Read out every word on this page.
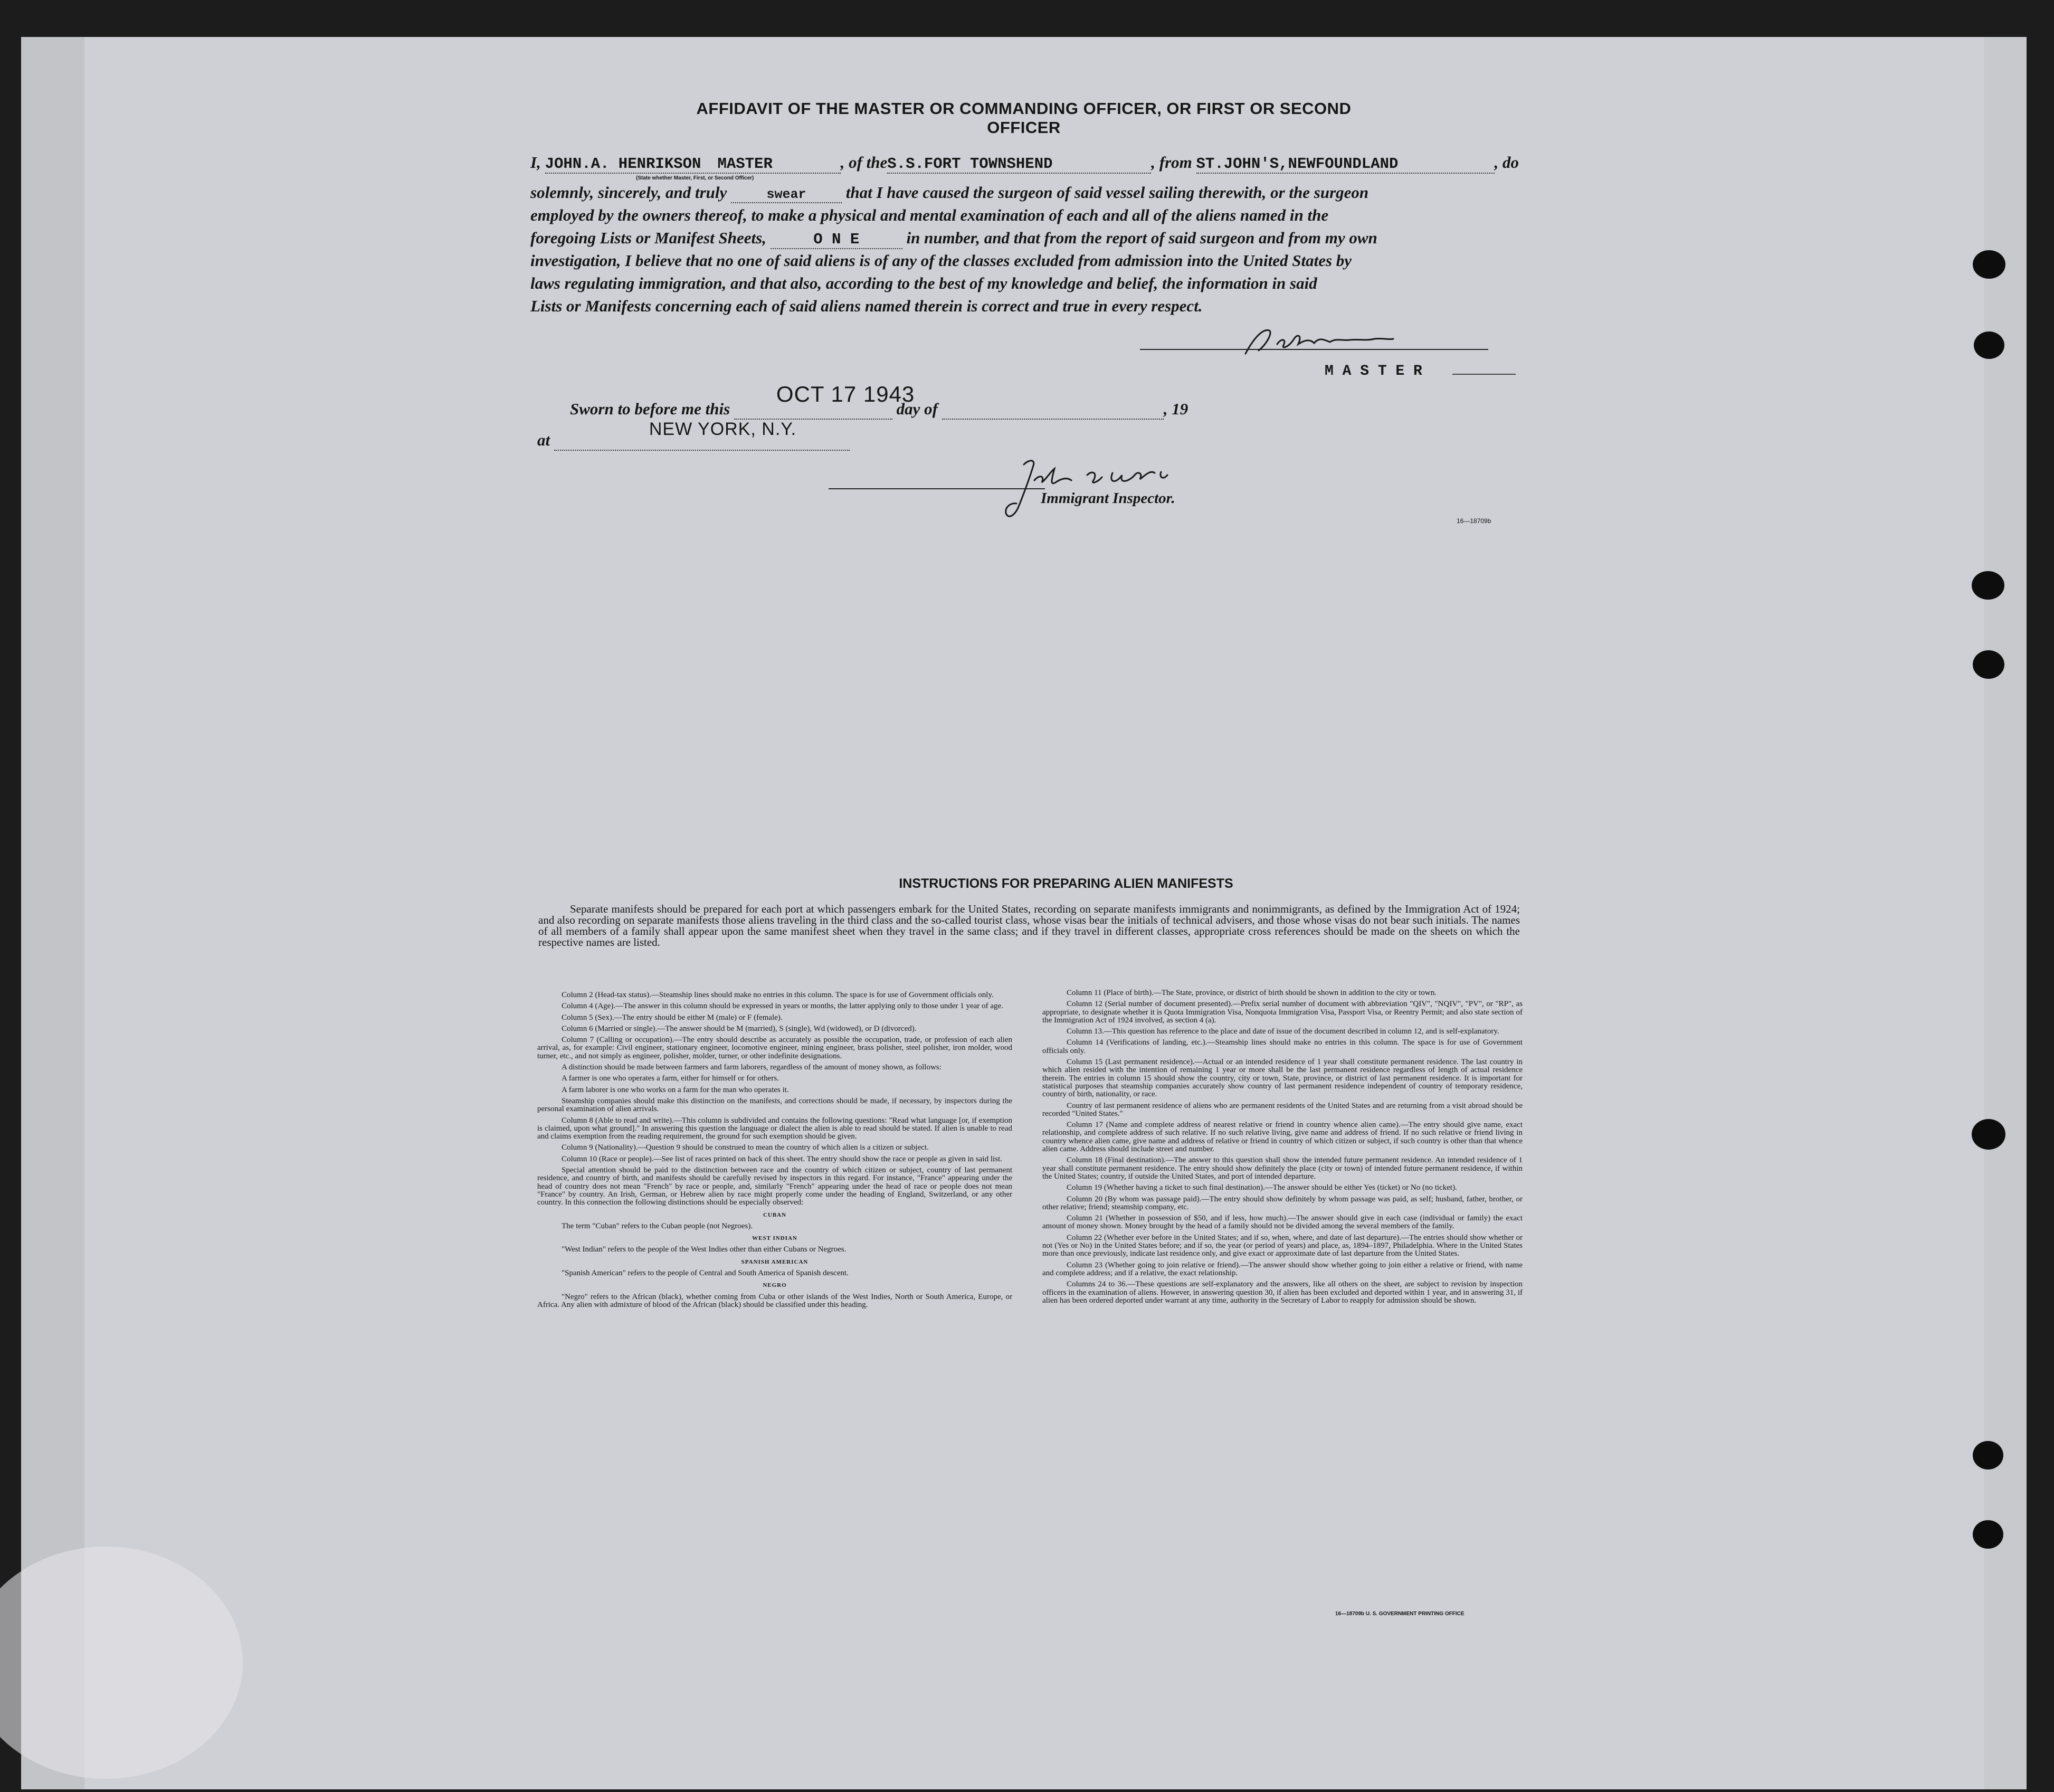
AFFIDAVIT OF THE MASTER OR COMMANDING OFFICER, OR FIRST OR SECOND OFFICER
I, JOHN.A. HENRIKSON MASTER	, of theS.S.FORT TOWNSHEND	, from ST.JOHN'S,NEWFOUNDLAND	, do
(State whether Master, First, or Second Officer)
solemnly, sincerely, and truly	swear that I have caused the surgeon of said vessel sailing therewith, or the surgeon
employed by the owners thereof, to make a physical and mental examination of each and all of the aliens named in the
foregoing Lists or Manifest Sheets,	O N E	in number, and that from the report of said surgeon and from my own
investigation, I believe that no one of said aliens is of any of the classes excluded from admission into the United States by
laws regulating immigration, and that also, according to the best of my knowledge and belief, the information in said
Lists or Manifests concerning each of said aliens named therein is correct and true in every respect.
M A S T E R
Sworn to before me this
OCT 17 1943
day of	, 19
at
NEW YORK, N.Y.

Immigrant Inspector.
16—18709b
INSTRUCTIONS FOR PREPARING ALIEN MANIFESTS
Separate manifests should be prepared for each port at which passengers embark for the United States, recording on separate manifests immigrants and nonimmigrants, as defined by the Immigration Act of 1924; and also recording on separate manifests those aliens traveling in the third class and the so-called tourist class, whose visas bear the initials of technical advisers, and those whose visas do not bear such initials. The names of all members of a family shall appear upon the same manifest sheet when they travel in the same class; and if they travel in different classes, appropriate cross references should be made on the sheets on which the respective names are listed.

Column 2 (Head-tax status).—Steamship lines should make no entries in this column. The space is for use of Government officials only.

Column 4 (Age).—The answer in this column should be expressed in years or months, the latter applying only to those under 1 year of age.

Column 5 (Sex).—The entry should be either M (male) or F (female).

Column 6 (Married or single).—The answer should be M (married), S (single), Wd (widowed), or D (divorced).

Column 7 (Calling or occupation).—The entry should describe as accurately as possible the occupation, trade, or profession of each alien arrival, as, for example: Civil engineer, stationary engineer, locomotive engineer, mining engineer, brass polisher, steel polisher, iron molder, wood turner, etc., and not simply as engineer, polisher, molder, turner, or other indefinite designations.

A distinction should be made between farmers and farm laborers, regardless of the amount of money shown, as follows:

A farmer is one who operates a farm, either for himself or for others.

A farm laborer is one who works on a farm for the man who operates it.

Steamship companies should make this distinction on the manifests, and corrections should be made, if necessary, by inspectors during the personal examination of alien arrivals.

Column 8 (Able to read and write).—This column is subdivided and contains the following questions: "Read what language [or, if exemption is claimed, upon what ground]." In answering this question the language or dialect the alien is able to read should be stated. If alien is unable to read and claims exemption from the reading requirement, the ground for such exemption should be given.

Column 9 (Nationality).—Question 9 should be construed to mean the country of which alien is a citizen or subject.

Column 10 (Race or people).—See list of races printed on back of this sheet. The entry should show the race or people as given in said list.

Special attention should be paid to the distinction between race and the country of which citizen or subject, country of last permanent residence, and country of birth, and manifests should be carefully revised by inspectors in this regard. For instance, "France" appearing under the head of country does not mean "French" by race or people, and, similarly "French" appearing under the head of race or people does not mean "France" by country. An Irish, German, or Hebrew alien by race might properly come under the heading of England, Switzerland, or any other country. In this connection the following distinctions should be especially observed:

CUBAN

The term "Cuban" refers to the Cuban people (not Negroes).

WEST INDIAN

"West Indian" refers to the people of the West Indies other than either Cubans or Negroes.

SPANISH AMERICAN

"Spanish American" refers to the people of Central and South America of Spanish descent.

NEGRO

"Negro" refers to the African (black), whether coming from Cuba or other islands of the West Indies, North or South America, Europe, or Africa. Any alien with admixture of blood of the African (black) should be classified under this heading.

Column 11 (Place of birth).—The State, province, or district of birth should be shown in addition to the city or town.

Column 12 (Serial number of document presented).—Prefix serial number of document with abbreviation "QIV", "NQIV", "PV", or "RP", as appropriate, to designate whether it is Quota Immigration Visa, Nonquota Immigration Visa, Passport Visa, or Reentry Permit; and also state section of the Immigration Act of 1924 involved, as section 4 (a).

Column 13.—This question has reference to the place and date of issue of the document described in column 12, and is self-explanatory.

Column 14 (Verifications of landing, etc.).—Steamship lines should make no entries in this column. The space is for use of Government officials only.

Column 15 (Last permanent residence).—Actual or an intended residence of 1 year shall constitute permanent residence. The last country in which alien resided with the intention of remaining 1 year or more shall be the last permanent residence regardless of length of actual residence therein. The entries in column 15 should show the country, city or town, State, province, or district of last permanent residence. It is important for statistical purposes that steamship companies accurately show country of last permanent residence independent of country of temporary residence, country of birth, nationality, or race.

Country of last permanent residence of aliens who are permanent residents of the United States and are returning from a visit abroad should be recorded "United States."

Column 17 (Name and complete address of nearest relative or friend in country whence alien came).—The entry should give name, exact relationship, and complete address of such relative. If no such relative living, give name and address of friend. If no such relative or friend living in country whence alien came, give name and address of relative or friend in country of which citizen or subject, if such country is other than that whence alien came. Address should include street and number.

Column 18 (Final destination).—The answer to this question shall show the intended future permanent residence. An intended residence of 1 year shall constitute permanent residence. The entry should show definitely the place (city or town) of intended future permanent residence, if within the United States; country, if outside the United States, and port of intended departure.

Column 19 (Whether having a ticket to such final destination).—The answer should be either Yes (ticket) or No (no ticket).

Column 20 (By whom was passage paid).—The entry should show definitely by whom passage was paid, as self; husband, father, brother, or other relative; friend; steamship company, etc.

Column 21 (Whether in possession of $50, and if less, how much).—The answer should give in each case (individual or family) the exact amount of money shown. Money brought by the head of a family should not be divided among the several members of the family.

Column 22 (Whether ever before in the United States; and if so, when, where, and date of last departure).—The entries should show whether or not (Yes or No) in the United States before; and if so, the year (or period of years) and place, as, 1894–1897, Philadelphia. Where in the United States more than once previously, indicate last residence only, and give exact or approximate date of last departure from the United States.

Column 23 (Whether going to join relative or friend).—The answer should show whether going to join either a relative or friend, with name and complete address; and if a relative, the exact relationship.

Columns 24 to 36.—These questions are self-explanatory and the answers, like all others on the sheet, are subject to revision by inspection officers in the examination of aliens. However, in answering question 30, if alien has been excluded and deported within 1 year, and in answering 31, if alien has been ordered deported under warrant at any time, authority in the Secretary of Labor to reapply for admission should be shown.

16—18709b U. S. GOVERNMENT PRINTING OFFICE
